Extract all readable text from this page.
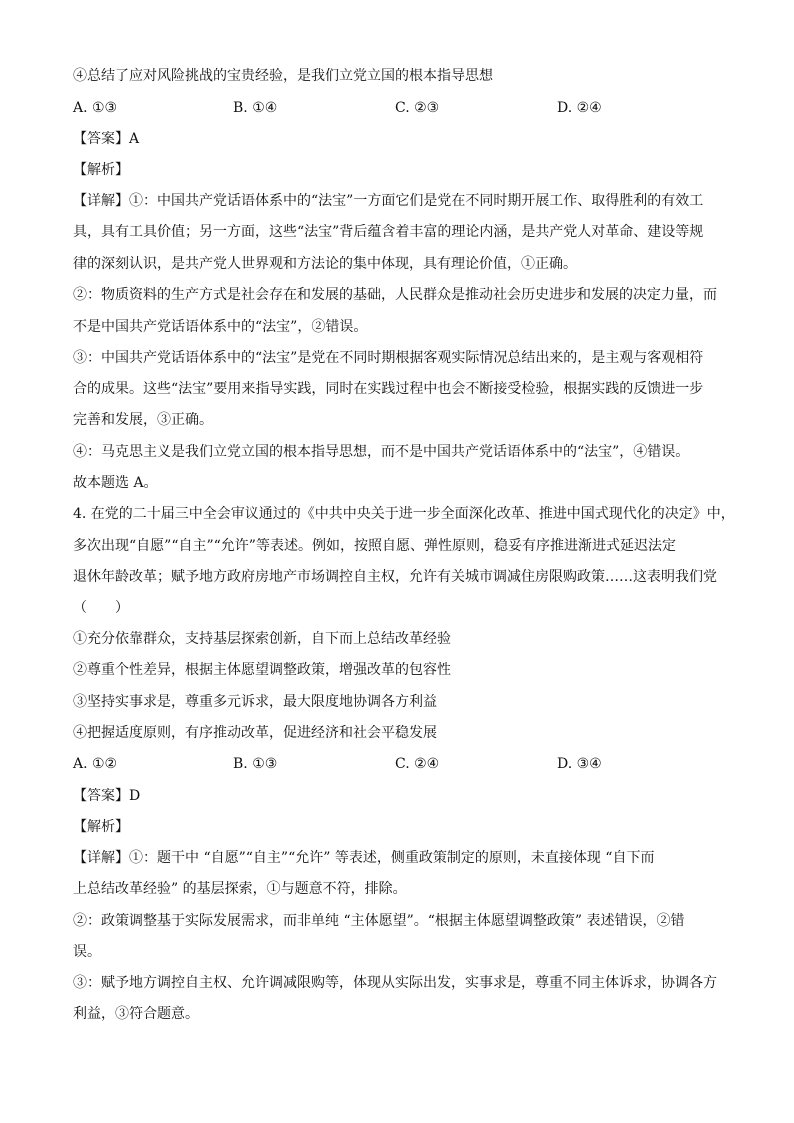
④总结了应对风险挑战的宝贵经验，是我们立党立国的根本指导思想
A. ①③	B. ①④	C. ②③	D. ②④
【答案】A
【解析】
【详解】①：中国共产党话语体系中的“法宝”一方面它们是党在不同时期开展工作、取得胜利的有效工
具，具有工具价值；另一方面，这些“法宝”背后蕴含着丰富的理论内涵，是共产党人对革命、建设等规
律的深刻认识，是共产党人世界观和方法论的集中体现，具有理论价值，①正确。
②：物质资料的生产方式是社会存在和发展的基础，人民群众是推动社会历史进步和发展的决定力量，而
不是中国共产党话语体系中的“法宝”，②错误。
③：中国共产党话语体系中的“法宝”是党在不同时期根据客观实际情况总结出来的，是主观与客观相符
合的成果。这些“法宝”要用来指导实践，同时在实践过程中也会不断接受检验，根据实践的反馈进一步
完善和发展，③正确。
④：马克思主义是我们立党立国的根本指导思想，而不是中国共产党话语体系中的“法宝”，④错误。
故本题选 A。
4. 在党的二十届三中全会审议通过的《中共中央关于进一步全面深化改革、推进中国式现代化的决定》中，
多次出现“自愿”“自主”“允许”等表述。例如，按照自愿、弹性原则，稳妥有序推进渐进式延迟法定
退休年龄改革；赋予地方政府房地产市场调控自主权，允许有关城市调减住房限购政策……这表明我们党
（　　）
①充分依靠群众，支持基层探索创新，自下而上总结改革经验
②尊重个性差异，根据主体愿望调整政策，增强改革的包容性
③坚持实事求是，尊重多元诉求，最大限度地协调各方利益
④把握适度原则，有序推动改革，促进经济和社会平稳发展
A. ①②	B. ①③	C. ②④	D. ③④
【答案】D
【解析】
【详解】①：题干中 “自愿”“自主”“允许” 等表述，侧重政策制定的原则，未直接体现 “自下而
上总结改革经验” 的基层探索，①与题意不符，排除。
②：政策调整基于实际发展需求，而非单纯 “主体愿望”。“根据主体愿望调整政策” 表述错误，②错
误。
③：赋予地方调控自主权、允许调减限购等，体现从实际出发，实事求是，尊重不同主体诉求，协调各方
利益，③符合题意。
